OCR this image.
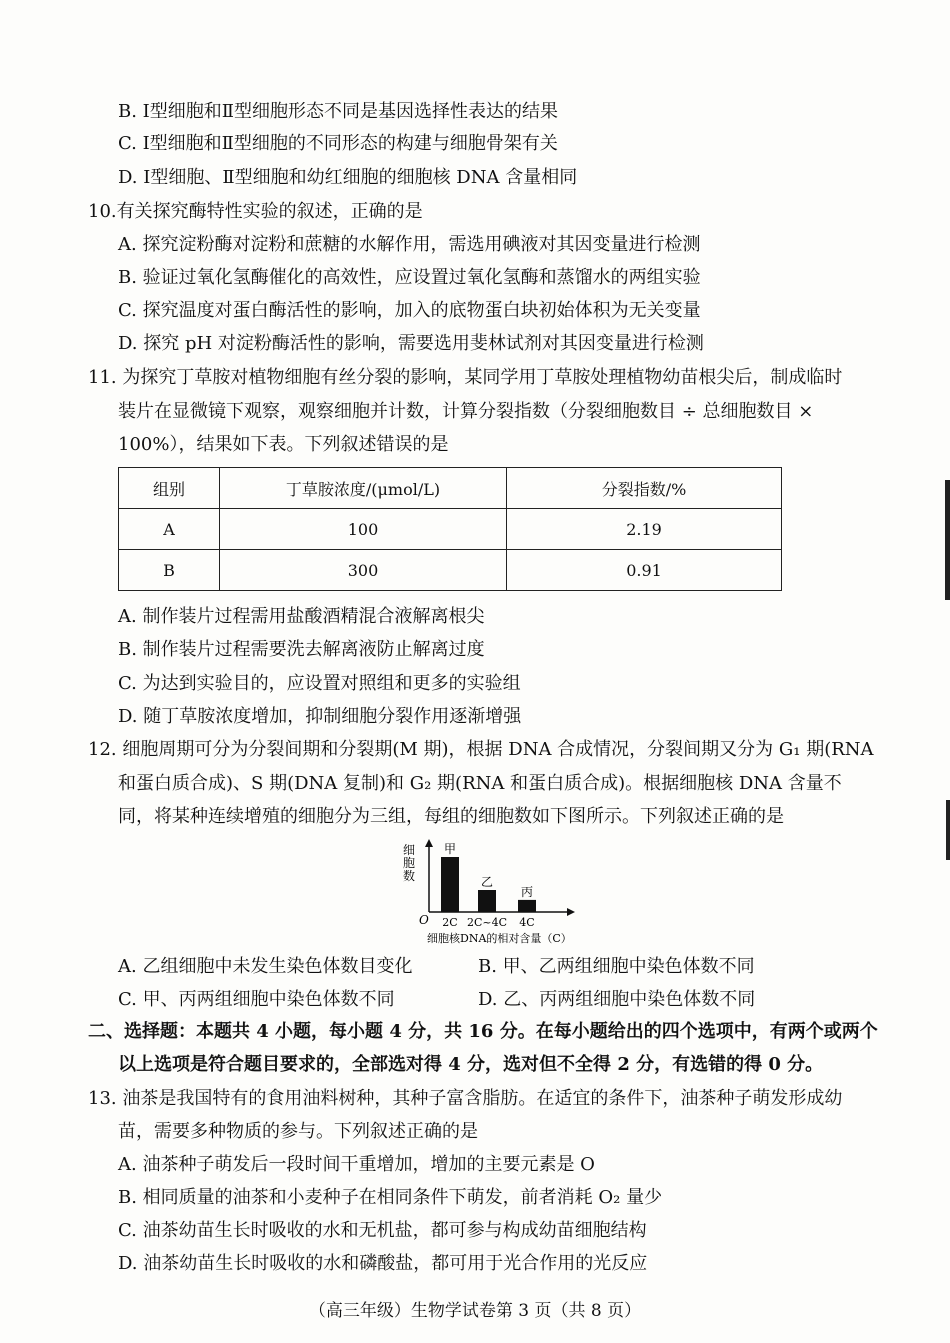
B. Ⅰ型细胞和Ⅱ型细胞形态不同是基因选择性表达的结果
C. Ⅰ型细胞和Ⅱ型细胞的不同形态的构建与细胞骨架有关
D. Ⅰ型细胞、Ⅱ型细胞和幼红细胞的细胞核 DNA 含量相同
10.有关探究酶特性实验的叙述，正确的是
A. 探究淀粉酶对淀粉和蔗糖的水解作用，需选用碘液对其因变量进行检测
B. 验证过氧化氢酶催化的高效性，应设置过氧化氢酶和蒸馏水的两组实验
C. 探究温度对蛋白酶活性的影响，加入的底物蛋白块初始体积为无关变量
D. 探究 pH 对淀粉酶活性的影响，需要选用斐林试剂对其因变量进行检测
11. 为探究丁草胺对植物细胞有丝分裂的影响，某同学用丁草胺处理植物幼苗根尖后，制成临时
装片在显微镜下观察，观察细胞并计数，计算分裂指数（分裂细胞数目 ÷ 总细胞数目 ×
100%），结果如下表。下列叙述错误的是
组别	丁草胺浓度/(μmol/L)	分裂指数/%
A	100	2.19
B	300	0.91
A. 制作装片过程需用盐酸酒精混合液解离根尖
B. 制作装片过程需要洗去解离液防止解离过度
C. 为达到实验目的，应设置对照组和更多的实验组
D. 随丁草胺浓度增加，抑制细胞分裂作用逐渐增强
12. 细胞周期可分为分裂间期和分裂期(M 期)，根据 DNA 合成情况，分裂间期又分为 G₁ 期(RNA
和蛋白质合成)、S 期(DNA 复制)和 G₂ 期(RNA 和蛋白质合成)。根据细胞核 DNA 含量不
同，将某种连续增殖的细胞分为三组，每组的细胞数如下图所示。下列叙述正确的是
细胞数
O
甲
2C
乙
2C~4C
丙
4C
细胞核DNA的相对含量（C）
A. 乙组细胞中未发生染色体数目变化	B. 甲、乙两组细胞中染色体数不同
C. 甲、丙两组细胞中染色体数不同	D. 乙、丙两组细胞中染色体数不同
二、选择题：本题共 4 小题，每小题 4 分，共 16 分。在每小题给出的四个选项中，有两个或两个
以上选项是符合题目要求的，全部选对得 4 分，选对但不全得 2 分，有选错的得 0 分。
13. 油茶是我国特有的食用油料树种，其种子富含脂肪。在适宜的条件下，油茶种子萌发形成幼
苗，需要多种物质的参与。下列叙述正确的是
A. 油茶种子萌发后一段时间干重增加，增加的主要元素是 O
B. 相同质量的油茶和小麦种子在相同条件下萌发，前者消耗 O₂ 量少
C. 油茶幼苗生长时吸收的水和无机盐，都可参与构成幼苗细胞结构
D. 油茶幼苗生长时吸收的水和磷酸盐，都可用于光合作用的光反应
（高三年级）生物学试卷第 3 页（共 8 页）
